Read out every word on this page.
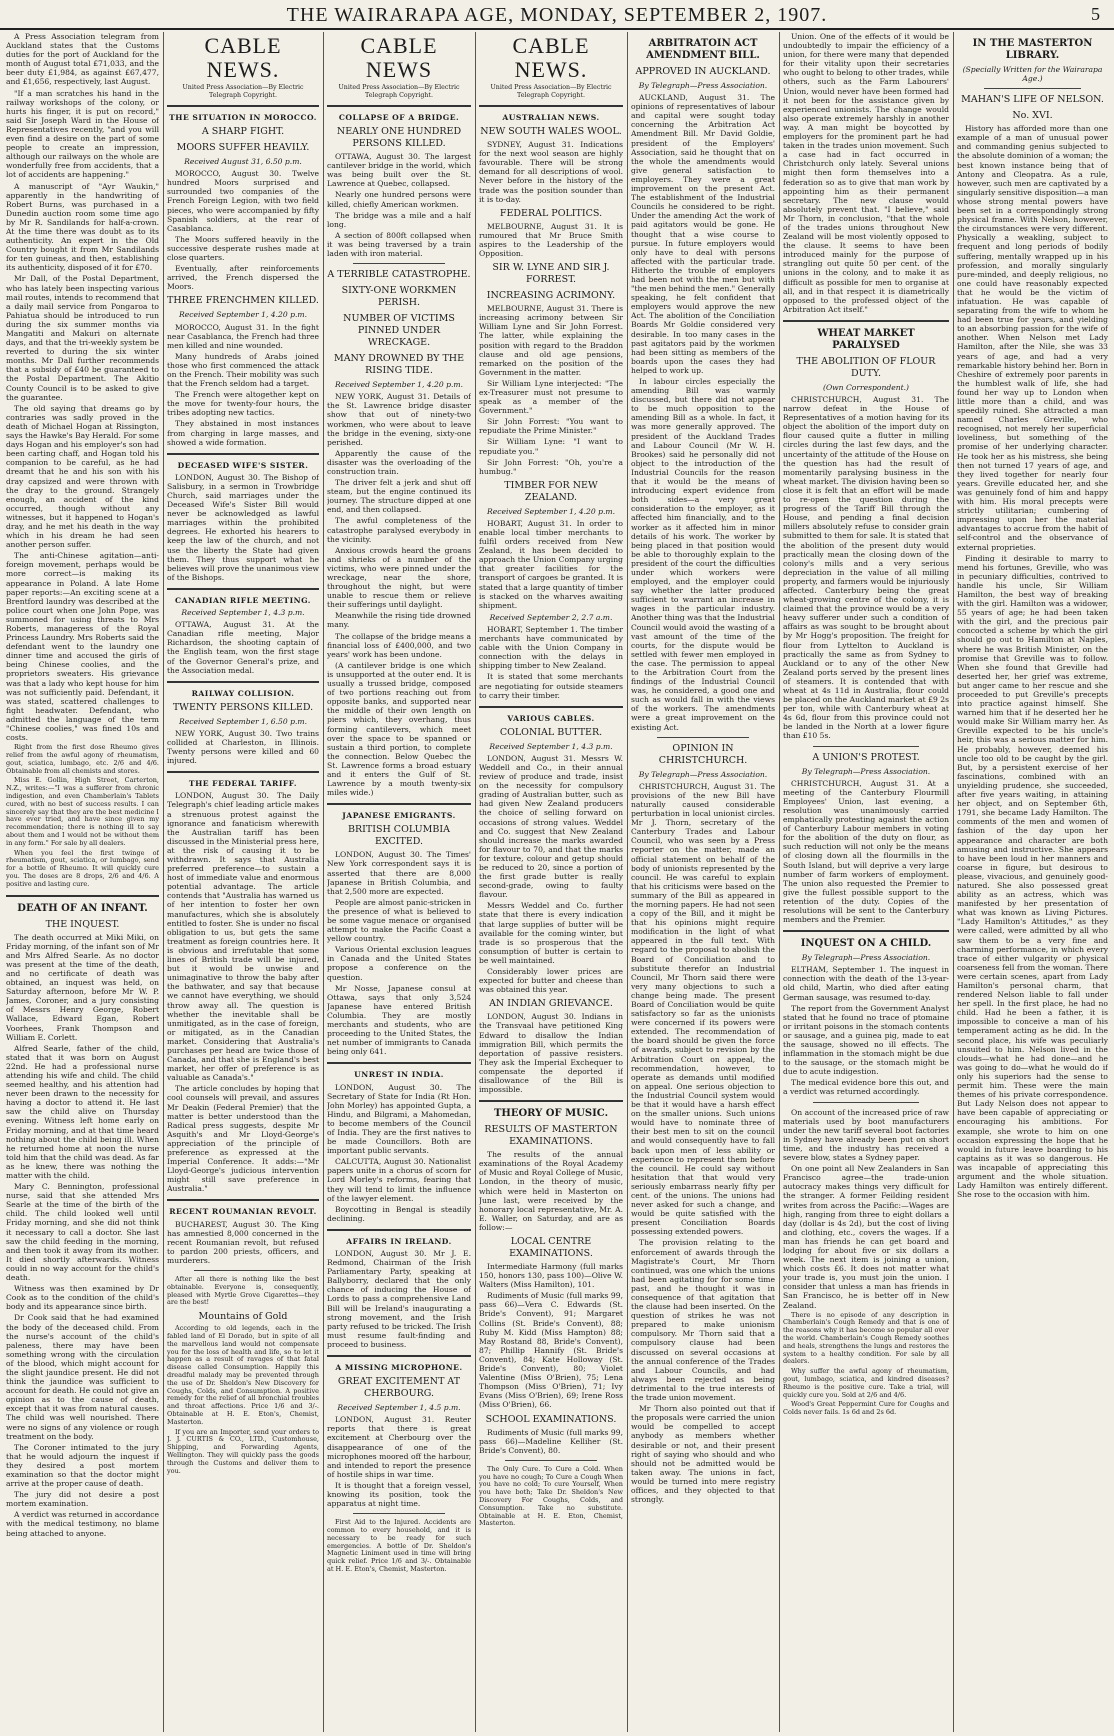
THE WAIRARAPA AGE, MONDAY, SEPTEMBER 2, 1907.	5

A Press Association telegram from Auckland states that the Customs duties for the port of Auckland for the month of August total £71,033, and the beer duty £1,984, as against £67,477, and £1,656, respectively, last August.

"If a man scratches his hand in the railway workshops of the colony, or hurts his finger, it is put on record," said Sir Joseph Ward in the House of Representatives recently, "and you will even find a desire on the part of some people to create an impression, although our railways on the whole are wonderfully free from accidents, that a lot of accidents are happening."

A manuscript of "Ayr Waukin," apparently in the handwriting of Robert Burns, was purchased in a Dunedin auction room some time ago by Mr R. Sandilands for half-a-crown. At the time there was doubt as to its authenticity. An expert in the Old Country bought it from Mr Sandilands for ten guineas, and then, establishing its authenticity, disposed of it for £70.

Mr Dall, of the Postal Department, who has lately been inspecting various mail routes, intends to recommend that a daily mail service from Pongaroa to Pahiatua should be introduced to run during the six summer months via Mangatiti and Makuri on alternate days, and that the tri-weekly system be reverted to during the six winter months. Mr Dall further recommends that a subsidy of £40 be guaranteed to the Postal Department. The Akitio County Council is to be asked to give the guarantee.

The old saying that dreams go by contraries was sadly proved in the death of Michael Hogan at Rissington, says the Hawke's Bay Herald. For some days Hogan and his employer's son had been carting chaff, and Hogan told his companion to be careful, as he had dreamt that he and his son with his dray capsized and were thrown with the dray to the ground. Strangely enough, an accident of the kind occurred, though without any witnesses, but it happened to Hogan's dray, and he met his death in the way which in his dream he had seen another person suffer.

The anti-Chinese agitation—anti-foreign movement, perhaps would be more correct—is making its appearance in Poland. A late Home paper reports:—An exciting scene at a Brentford laundry was described at the police court when one John Pope, was summoned for using threats to Mrs Roberts, manageress of the Royal Princess Laundry. Mrs Roberts said the defendant went to the laundry one dinner time and accused the girls of being Chinese coolies, and the proprietors sweaters. His grievance was that a lady who kept house for him was not sufficiently paid. Defendant, it was stated, scattered challenges to fight headwater. Defendant, who admitted the language of the term "Chinese coolies," was fined 10s and costs.

Right from the first dose Rheumo gives relief from the awful agony of rheumatism, gout, sciatica, lumbago, etc. 2/6 and 4/6. Obtainable from all chemists and stores.

Miss E. Gollin, High Street, Carterton, N.Z., writes:—"I was a sufferer from chronic indigestion, and even Chamberlain's Tablets cured, with no best of success results. I can sincerely say that they are the best medicine I have ever tried, and have since given my recommendation; there is nothing ill to say about them and I would not be without them in any form." For sale by all dealers.

When you feel the first twinge of rheumatism, gout, sciatica, or lumbago, send for a bottle of Rheumo. It will quickly cure you. The doses are 8 drops, 2/6 and 4/6. A positive and lasting cure.

DEATH OF AN INFANT.
THE INQUEST.

The death occurred at Miki Miki, on Friday morning, of the infant son of Mr and Mrs Alfred Searle. As no doctor was present at the time of the death, and no certificate of death was obtained, an inquest was held, on Saturday afternoon, before Mr W. P. James, Coroner, and a jury consisting of Messrs Henry George, Robert Wallace, Edward Egan, Robert Voorhees, Frank Thompson and William E. Corlett.

Alfred Searle, father of the child, stated that it was born on August 22nd. He had a professional nurse attending his wife and child. The child seemed healthy, and his attention had never been drawn to the necessity for having a doctor to attend it. He last saw the child alive on Thursday evening. Witness left home early on Friday morning, and at that time heard nothing about the child being ill. When he returned home at noon the nurse told him that the child was dead. As far as he knew, there was nothing the matter with the child.

Mary C. Bennington, professional nurse, said that she attended Mrs Searle at the time of the birth of the child. The child looked well until Friday morning, and she did not think it necessary to call a doctor. She last saw the child feeding in the morning, and then took it away from its mother. It died shortly afterwards. Witness could in no way account for the child's death.

Witness was then examined by Dr Cook as to the condition of the child's body and its appearance since birth.

Dr Cook said that he had examined the body of the deceased child. From the nurse's account of the child's paleness, there may have been something wrong with the circulation of the blood, which might account for the slight jaundice present. He did not think the jaundice was sufficient to account for death. He could not give an opinion as to the cause of death, except that it was from natural causes. The child was well nourished. There were no signs of any violence or rough treatment on the body.

The Coroner intimated to the jury that he would adjourn the inquest if they desired a post mortem examination so that the doctor might arrive at the proper cause of death.

The jury did not desire a post mortem examination.

A verdict was returned in accordance with the medical testimony, no blame being attached to anyone.

CABLE NEWS.
United Press Association—By Electric Telegraph Copyright.
THE SITUATION IN MOROCCO.
A SHARP FIGHT.
MOORS SUFFER HEAVILY.
Received August 31, 6.50 p.m.

MOROCCO, August 30. Twelve hundred Moors surprised and surrounded two companies of the French Foreign Legion, with two field pieces, who were accompanied by fifty Spanish soldiers, at the rear of Casablanca.

The Moors suffered heavily in the successive desperate rushes made at close quarters.

Eventually, after reinforcements arrived, the French dispersed the Moors.

THREE FRENCHMEN KILLED.
Received September 1, 4.20 p.m.

MOROCCO, August 31. In the fight near Casablanca, the French had three men killed and nine wounded.

Many hundreds of Arabs joined those who first commenced the attack on the French. Their mobility was such that the French seldom had a target.

The French were altogether kept on the move for twenty-four hours, the tribes adopting new tactics.

They abstained in most instances from charging in large masses, and showed a wide formation.

DECEASED WIFE'S SISTER.

LONDON, August 30. The Bishop of Salisbury, in a sermon in Trowbridge Church, said marriages under the Deceased Wife's Sister Bill would never be acknowledged as lawful marriages within the prohibited degrees. He exhorted his hearers to keep the law of the church, and not use the liberty the State had given them. They thus support what he believes will prove the unanimous view of the Bishops.

CANADIAN RIFLE MEETING.
Received September 1, 4.3 p.m.

OTTAWA, August 31. At the Canadian rifle meeting, Major Richardson, the shooting captain of the English team, won the first stage of the Governor General's prize, and the Association medal.

RAILWAY COLLISION.
TWENTY PERSONS KILLED.
Received September 1, 6.50 p.m.

NEW YORK, August 30. Two trains collided at Charleston, in Illinois. Twenty persons were killed and 60 injured.

THE FEDERAL TARIFF.

LONDON, August 30. The Daily Telegraph's chief leading article makes a strenuous protest against the ignorance and fanaticism wherewith the Australian tariff has been discussed in the Ministerial press here, at the risk of causing it to be withdrawn. It says that Australia preferred preference—to sustain a host of immediate value and enormous potential advantage. The article contends that "Australia has warned us of her intention to foster her own manufactures, which she is absolutely entitled to foster. She is under no fiscal obligation to us, but gets the same treatment as foreign countries here. It is obvious and irrefutable that some lines of British trade will be injured, but it would be unwise and unimaginative to throw the baby after the bathwater, and say that because we cannot have everything, we should throw away all. The question is whether the inevitable shall be unmitigated, as in the case of foreign, or mitigated, as in the Canadian market. Considering that Australia's purchases per head are twice those of Canada, and that she is England's best market, her offer of preference is as valuable as Canada's."

The article concludes by hoping that cool counsels will prevail, and assures Mr Deakin (Federal Premier) that the matter is better understood than the Radical press suggests, despite Mr Asquith's and Mr Lloyd-George's appreciation of the principle of preference as expressed at the Imperial Conference. It adds:—"Mr Lloyd-George's judicious intervention might still save preference in Australia."

RECENT ROUMANIAN REVOLT.

BUCHAREST, August 30. The King has amnestied 8,000 concerned in the recent Roumanian revolt, but refused to pardon 200 priests, officers, and murderers.

After all there is nothing like the best obtainable. Everyone is, consequently, pleased with Myrtle Grove Cigarettes—they are the best!

Mountains of Gold

According to old legends, each in the fabled land of El Dorado, but in spite of all the marvellous land would not compensate you for the loss of health and life, so to let it happen as a result of ravages of that fatal disease called Consumption. Happily this dreadful malady may be prevented through the use of Dr. Sheldon's New Discovery for Coughs, Colds, and Consumption. A positive remedy for the relief of all bronchial troubles and throat affections. Price 1/6 and 3/-. Obtainable at H. E. Eton's, Chemist, Masterton.

If you are an Importer, send your orders to J. J. CURTIS & CO., LTD., Customhouse, Shipping, and Forwarding Agents, Wellington. They will quickly pass the goods through the Customs and deliver them to you.

CABLE NEWS
United Press Association—By Electric Telegraph Copyright.
COLLAPSE OF A BRIDGE.
NEARLY ONE HUNDRED PERSONS KILLED.

OTTAWA, August 30. The largest cantilever bridge in the world, which was being built over the St. Lawrence at Quebec, collapsed.

Nearly one hundred persons were killed, chiefly American workmen.

The bridge was a mile and a half long.

A section of 800ft collapsed when it was being traversed by a train laden with iron material.

A TERRIBLE CATASTROPHE.
SIXTY-ONE WORKMEN PERISH.
NUMBER OF VICTIMS PINNED UNDER WRECKAGE.
MANY DROWNED BY THE RISING TIDE.
Received September 1, 4.20 p.m.

NEW YORK, August 31. Details of the St. Lawrence bridge disaster show that out of ninety-two workmen, who were about to leave the bridge in the evening, sixty-one perished.

Apparently the cause of the disaster was the overloading of the construction train.

The driver felt a jerk and shut off steam, but the engine continued its journey. The structure dipped at one end, and then collapsed.

The awful completeness of the catastrophe paralysed everybody in the vicinity.

Anxious crowds heard the groans and shrieks of a number of the victims, who were pinned under the wreckage, near the shore, throughout the night, but were unable to rescue them or relieve their sufferings until daylight.

Meanwhile the rising tide drowned many.

The collapse of the bridge means a financial loss of £400,000, and two years' work has been undone.

(A cantilever bridge is one which is unsupported at the outer end. It is usually a trussed bridge, composed of two portions reaching out from opposite banks, and supported near the middle of their own length on piers which, they overhang, thus forming cantilevers, which meet over the space to be spanned or sustain a third portion, to complete the connection. Below Quebec the St. Lawrence forms a broad estuary and it enters the Gulf of St. Lawrence by a mouth twenty-six miles wide.)

JAPANESE EMIGRANTS.
BRITISH COLUMBIA EXCITED.

LONDON, August 30. The Times' New York correspondent says it is asserted that there are 8,000 Japanese in British Columbia, and that 2,500 more are expected.

People are almost panic-stricken in the presence of what is believed to be some vague menace or organised attempt to make the Pacific Coast a yellow country.

Various Oriental exclusion leagues in Canada and the United States propose a conference on the question.

Mr Nosse, Japanese consul at Ottawa, says that only 3,524 Japanese have entered British Columbia. They are mostly merchants and students, who are proceeding to the United States, the net number of immigrants to Canada being only 641.

UNREST IN INDIA.

LONDON, August 30. The Secretary of State for India (Rt Hon. John Morley) has appointed Gupta, a Hindu, and Bilgrami, a Mahomedan, to become members of the Council of India. They are the first natives to be made Councillors. Both are important public servants.

CALCUTTA, August 30. Nationalist papers unite in a chorus of scorn for Lord Morley's reforms, fearing that they will tend to limit the influence of the lawyer element.

Boycotting in Bengal is steadily declining.

AFFAIRS IN IRELAND.

LONDON, August 30. Mr J. E. Redmond, Chairman of the Irish Parliamentary Party, speaking at Ballyborry, declared that the only chance of inducing the House of Lords to pass a comprehensive Land Bill will be Ireland's inaugurating a strong movement, and the Irish party refused to be tricked. The Irish must resume fault-finding and proceed to business.

A MISSING MICROPHONE.
GREAT EXCITEMENT AT CHERBOURG.
Received September 1, 4.5 p.m.

LONDON, August 31. Reuter reports that there is great excitement at Cherbourg over the disappearance of one of the microphones moored off the harbour, and intended to report the presence of hostile ships in war time.

It is thought that a foreign vessel, knowing its position, took the apparatus at night time.

First Aid to the Injured. Accidents are common to every household, and it is necessary to be ready for such emergencies. A bottle of Dr. Sheldon's Magnetic Liniment used in time will bring quick relief. Price 1/6 and 3/-. Obtainable at H. E. Eton's, Chemist, Masterton.

CABLE NEWS.
United Press Association—By Electric Telegraph Copyright.
AUSTRALIAN NEWS.
NEW SOUTH WALES WOOL.

SYDNEY, August 31. Indications for the next wool season are highly favourable. There will be strong demand for all descriptions of wool. Never before in the history of the trade was the position sounder than it is to-day.

FEDERAL POLITICS.

MELBOURNE, August 31. It is rumoured that Mr Bruce Smith aspires to the Leadership of the Opposition.

SIR W. LYNE AND SIR J. FORREST.
INCREASING ACRIMONY.

MELBOURNE, August 31. There is increasing acrimony between Sir William Lyne and Sir John Forrest. The latter, while explaining the position with regard to the Braddon clause and old age pensions, remarked on the position of the Government in the matter.

Sir William Lyne interjected: "The ex-Treasurer must not presume to speak as a member of the Government."

Sir John Forrest: "You want to repudiate the Prime Minister."

Sir William Lyne: "I want to repudiate you."

Sir John Forrest: "Oh, you're a humbug."

TIMBER FOR NEW ZEALAND.
Received September 1, 4.20 p.m.

HOBART, August 31. In order to enable local timber merchants to fulfil orders received from New Zealand, it has been decided to approach the Union Company urging that greater facilities for the transport of cargoes be granted. It is stated that a large quantity of timber is stacked on the wharves awaiting shipment.

Received September 2, 2.7 a.m.

HOBART, September 1. The timber merchants have communicated by cable with the Union Company in connection with the delays in shipping timber to New Zealand.

It is stated that some merchants are negotiating for outside steamers to carry their timber.

VARIOUS CABLES.
COLONIAL BUTTER.
Received September 1, 4.3 p.m.

LONDON, August 31. Messrs W. Weddell and Co., in their annual review of produce and trade, insist on the necessity for compulsory grading of Australian butter, such as had given New Zealand producers the choice of selling forward on occasions of strong values. Weddel and Co. suggest that New Zealand should increase the marks awarded for flavour to 70, and that the marks for texture, colour and getup should be reduced to 20, since a portion of the first grade butter is really second-grade, owing to faulty flavour.

Messrs Weddel and Co. further state that there is every indication that large supplies of butter will be available for the coming winter, but trade is so prosperous that the consumption of butter is certain to be well maintained.

Considerably lower prices are expected for butter and cheese than was obtained this year.

AN INDIAN GRIEVANCE.

LONDON, August 30. Indians in the Transvaal have petitioned King Edward to disallow the Indian immigration Bill, which permits the deportation of passive resisters. They ask the Imperial Exchequer to compensate the deported if disallowance of the Bill is impossible.

THEORY OF MUSIC.
RESULTS OF MASTERTON EXAMINATIONS.

The results of the annual examinations of the Royal Academy of Music and Royal College of Music, London, in the theory of music, which were held in Masterton on June last, were received by the honorary local representative, Mr. A. E. Waller, on Saturday, and are as follow:—

LOCAL CENTRE EXAMINATIONS.

Intermediate Harmony (full marks 150, honors 130, pass 100)—Olive W. Walters (Miss Hamilton), 101.

Rudiments of Music (full marks 99, pass 66)—Vera C. Edwards (St. Bride's Convent), 91; Margaret Collins (St. Bride's Convent), 88; Ruby M. Kidd (Miss Hampton) 88; May Rostand 88, Bride's Convent), 87; Phillip Hannify (St. Bride's Convent), 84; Kate Holloway (St. Bride's Convent), 80; Violet Valentine (Miss O'Brien), 75; Lena Thompson (Miss O'Brien), 71; Ivy Evans (Miss O'Brien), 69; Irene Ross (Miss O'Brien), 66.

SCHOOL EXAMINATIONS.

Rudiments of Music (full marks 99, pass 66)—Madeline Kelliher (St. Bride's Convent), 80.

The Only Cure. To Cure a Cold. When you have no cough; To Cure a Cough When you have no cold; To cure Yourself, When you have both; Take Dr. Sheldon's New Discovery For Coughs, Colds, and Consumption. Take no substitute. Obtainable at H. E. Eton, Chemist, Masterton.

ARBITRATOIN ACT AMENDMENT BILL.
APPROVED IN AUCKLAND.
By Telegraph—Press Association.

AUCKLAND, August 31. The opinions of representatives of labour and capital were sought today concerning the Arbitration Act Amendment Bill. Mr David Goldie, president of the Employers' Association, said he thought that on the whole the amendments would give general satisfaction to employers. They were a great improvement on the present Act. The establishment of the Industrial Councils he considered to be right. Under the amending Act the work of paid agitators would be gone. He thought that a wise course to pursue. In future employers would only have to deal with persons affected with the particular trade. Hitherto the trouble of employers had been not with the men but with "the men behind the men." Generally speaking, he felt confident that employers would approve the new Act. The abolition of the Conciliation Boards Mr Goldie considered very desirable. In too many cases in the past agitators paid by the workmen had been sitting as members of the boards upon the cases they had helped to work up.

In labour circles especially the amending Bill was warmly discussed, but there did not appear to be much opposition to the amending Bill as a whole. In fact, it was more generally approved. The president of the Auckland Trades and Labour Council (Mr W. H. Brookes) said he personally did not object to the introduction of the Industrial Councils for the reason that it would be the means of introducing expert evidence from both sides—a very great consideration to the employer, as it affected him financially, and to the worker as it affected him in minor details of his work. The worker by being placed in that position would be able to thoroughly explain to the president of the court the difficulties under which workers were employed, and the employer could say whether the latter produced sufficient to warrant an increase in wages in the particular industry. Another thing was that the Industrial Council would avoid the wasting of a vast amount of the time of the courts, for the dispute would be settled with fewer men employed in the case. The permission to appeal to the Arbitration Court from the findings of the Industrial Council was, he considered, a good one and such as would fall in with the views of the workers. The amendments were a great improvement on the existing Act.

OPINION IN CHRISTCHURCH.
By Telegraph—Press Association.

CHRISTCHURCH, August 31. The provisions of the new Bill have naturally caused considerable perturbation in local unionist circles. Mr J. Thorn, secretary of the Canterbury Trades and Labour Council, who was seen by a Press reporter on the matter, made an official statement on behalf of the body of unionists represented by the council. He was careful to explain that his criticisms were based on the summary of the Bill as appeared in the morning papers. He had not seen a copy of the Bill, and it might be that his opinions might require modification in the light of what appeared in the full text. With regard to the proposal to abolish the Board of Conciliation and to substitute therefor an Industrial Council, Mr Thorn said there were very many objections to such a change being made. The present Board of Conciliation would be quite satisfactory so far as the unionists were concerned if its powers were extended. The recommendation of the board should be given the force of awards, subject to revision by the Arbitration Court on appeal, the recommendation, however, to operate as demands until modified on appeal. One serious objection to the Industrial Council system would be that it would have a harsh effect on the smaller unions. Such unions would have to nominate three of their best men to sit on the council and would consequently have to fall back upon men of less ability or experience to represent them before the council. He could say without hesitation that that would very seriously embarrass nearly fifty per cent. of the unions. The unions had never asked for such a change, and would be quite satisfied with the present Conciliation Boards possessing extended powers.

The provision relating to the enforcement of awards through the Magistrate's Court, Mr Thorn continued, was one which the unions had been agitating for for some time past, and he thought it was in consequence of that agitation that the clause had been inserted. On the question of strikes he was not prepared to make unionism compulsory. Mr Thorn said that a compulsory clause had been discussed on several occasions at the annual conference of the Trades and Labour Councils, and had always been rejected as being detrimental to the true interests of the trade union movement.

Mr Thorn also pointed out that if the proposals were carried the union would be compelled to accept anybody as members whether desirable or not, and their present right of saying who should and who should not be admitted would be taken away. The unions in fact, would be turned into mere registry offices, and they objected to that strongly.

Union. One of the effects of it would be undoubtedly to impair the efficiency of a union, for there were many that depended for their vitality upon their secretaries who ought to belong to other trades, while others, such as the Farm Labourers' Union, would never have been formed had it not been for the assistance given by experienced unionists. The change would also operate extremely harshly in another way. A man might be boycotted by employers for the prominent part he had taken in the trades union movement. Such a case had in fact occurred in Christchurch only lately. Several unions might then form themselves into a federation so as to give that man work by appointing him as their permanent secretary. The new clause would absolutely prevent that. "I believe," said Mr Thorn, in conclusion, "that the whole of the trades unions throughout New Zealand will be most violently opposed to the clause. It seems to have been introduced mainly for the purpose of strangling out quite 50 per cent. of the unions in the colony, and to make it as difficult as possible for men to organise at all, and in that respect it is diametrically opposed to the professed object of the Arbitration Act itself."

WHEAT MARKET PARALYSED
THE ABOLITION OF FLOUR DUTY.
(Own Correspondent.)

CHRISTCHURCH, August 31. The narrow defeat in the House of Representatives of a motion having for its object the abolition of the import duty on flour caused quite a flutter in milling circles during the last few days, and the uncertainty of the attitude of the House on the question has had the result of momentarily paralysing business in the wheat market. The division having been so close it is felt that an effort will be made to re-open the question during the progress of the Tariff Bill through the House, and pending a final decision millers absolutely refuse to consider grain submitted to them for sale. It is stated that the abolition of the present duty would practically mean the closing down of the colony's mills and a very serious depreciation in the value of all milling property, and farmers would be injuriously affected. Canterbury being the great wheat-growing centre of the colony, it is claimed that the province would be a very heavy sufferer under such a condition of affairs as was sought to be brought about by Mr Hogg's proposition. The freight for flour from Lyttelton to Auckland is practically the same as from Sydney to Auckland or to any of the other New Zealand ports served by the present lines of steamers. It is contended that with wheat at 4s 11d in Australia, flour could be placed on the Auckland market at £9 2s per ton, while with Canterbury wheat at 4s 6d, flour from this province could not be landed in the North at a lower figure than £10 5s.

A UNION'S PROTEST.
By Telegraph—Press Association.

CHRISTCHURCH, August 31. At a meeting of the Canterbury Flourmill Employees' Union, last evening, a resolution was unanimously carried emphatically protesting against the action of Canterbury Labour members in voting for the abolition of the duty on flour, as such reduction will not only be the means of closing down all the flourmills in the South Island, but will deprive a very large number of farm workers of employment. The union also requested the Premier to give the fullest possible support to the retention of the duty. Copies of the resolutions will be sent to the Canterbury members and the Premier.

INQUEST ON A CHILD.
By Telegraph—Press Association.

ELTHAM, September 1. The inquest in connection with the death of the 13-year-old child, Martin, who died after eating German sausage, was resumed to-day.

The report from the Government Analyst stated that he found no trace of ptomaine or irritant poisons in the stomach contents or sausage, and a guinea pig, made to eat the sausage, showed no ill effects. The inflammation in the stomach might be due to the sausage, or the stomach might be due to acute indigestion.

The medical evidence bore this out, and a verdict was returned accordingly.

On account of the increased price of raw materials used by boot manufacturers under the new tariff several boot factories in Sydney have already been put on short time, and the industry has received a severe blow, states a Sydney paper.

On one point all New Zealanders in San Francisco agree—the trade-union autocracy makes things very difficult for the stranger. A former Feilding resident writes from across the Pacific:—Wages are high, ranging from three to eight dollars a day (dollar is 4s 2d), but the cost of living and clothing, etc., covers the wages. If a man has friends he can get board and lodging for about five or six dollars a week. The next item is joining a union, which costs £6. It does not matter what your trade is, you must join the union. I consider that unless a man has friends in San Francisco, he is better off in New Zealand.

There is no episode of any description in Chamberlain's Cough Remedy and that is one of the reasons why it has become so popular all over the world. Chamberlain's Cough Remedy soothes and heals, strengthens the lungs and restores the system to a healthy condition. For sale by all dealers.

Why suffer the awful agony of rheumatism, gout, lumbago, sciatica, and kindred diseases? Rheumo is the positive cure. Take a trial, will quickly cure you. Sold at 2/6 and 4/6.

Wood's Great Peppermint Cure for Coughs and Colds never fails. 1s 6d and 2s 6d.

IN THE MASTERTON LIBRARY.
(Specially Written for the Wairarapa Age.)
MAHAN'S LIFE OF NELSON.
No. XVI.

History has afforded more than one example of a man of unusual power and commanding genius subjected to the absolute dominion of a woman; the best known instance being that of Antony and Cleopatra. As a rule, however, such men are captivated by a singularly sensitive disposition—a man whose strong mental powers have been set in a correspondingly strong physical frame. With Nelson, however, the circumstances were very different. Physically a weakling, subject to frequent and long periods of bodily suffering, mentally wrapped up in his profession, and morally singularly pure-minded, and deeply religious, no one could have reasonably expected that he would be the victim of infatuation. He was capable of separating from the wife to whom he had been true for years, and yielding to an absorbing passion for the wife of another. When Nelson met Lady Hamilton, after the Nile, she was 33 years of age, and had a very remarkable history behind her. Born in Cheshire of extremely poor parents in the humblest walk of life, she had found her way up to London when little more than a child, and was speedily ruined. She attracted a man named Charles Greville, who recognised, not merely her superficial loveliness, but something of the promise of her underlying character. He took her as his mistress, she being then not turned 17 years of age, and they lived together for nearly four years. Greville educated her, and she was genuinely fond of him and happy with him. His moral precepts were strictly utilitarian; cumbering of impressing upon her the material advantages to accrue from the habit of self-control and the observance of external proprieties.

Finding it desirable to marry to mend his fortunes, Greville, who was in pecuniary difficulties, contrived to handle his uncle, Sir William Hamilton, the best way of breaking with the girl. Hamilton was a widower, 55 years of age; he had been taken with the girl, and the precious pair concocted a scheme by which the girl should go out to Hamilton at Naples, where he was British Minister, on the promise that Greville was to follow. When she found that Greville had deserted her, her grief was extreme, but anger came to her rescue and she proceeded to put Greville's precepts into practice against himself. She warned him that if he deserted her he would make Sir William marry her. As Greville expected to be his uncle's heir, this was a serious matter for him. He probably, however, deemed his uncle too old to be caught by the girl. But, by a persistent exercise of her fascinations, combined with an unyielding prudence, she succeeded, after five years waiting, in attaining her object, and on September 6th, 1791, she became Lady Hamilton. The comments of the men and women of fashion of the day upon her appearance and character are both amusing and instructive. She appears to have been loud in her manners and coarse in figure, but desirous to please, vivacious, and genuinely good-natured. She also possessed great ability as an actress, which was manifested by her presentation of what was known as Living Pictures. "Lady Hamilton's Attitudes," as they were called, were admitted by all who saw them to be a very fine and charming performance, in which every trace of either vulgarity or physical coarseness fell from the woman. There were certain scenes, apart from Lady Hamilton's personal charm, that rendered Nelson liable to fall under her spell. In the first place, he had no child. Had he been a father, it is impossible to conceive a man of his temperament acting as he did. In the second place, his wife was peculiarly unsuited to him. Nelson lived in the clouds—what he had done—and he was going to do—what he would do if only his superiors had the sense to permit him. These were the main themes of his private correspondence. But Lady Nelson does not appear to have been capable of appreciating or encouraging his ambitions. For example, she wrote to him on one occasion expressing the hope that he would in future leave boarding to his captains as it was so dangerous. He was incapable of appreciating this argument and the whole situation. Lady Hamilton was entirely different. She rose to the occasion with him.
